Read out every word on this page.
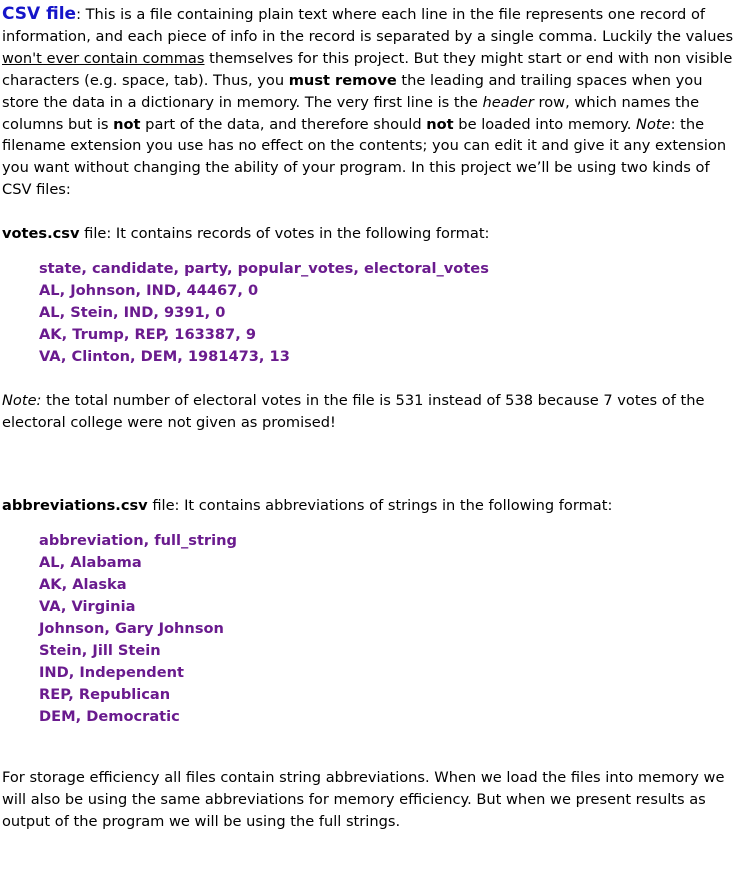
CSV file: This is a file containing plain text where each line in the file represents one record of information, and each piece of info in the record is separated by a single comma. Luckily the values won't ever contain commas themselves for this project. But they might start or end with non visible characters (e.g. space, tab). Thus, you must remove the leading and trailing spaces when you store the data in a dictionary in memory. The very first line is the header row, which names the columns but is not part of the data, and therefore should not be loaded into memory. Note: the filename extension you use has no effect on the contents; you can edit it and give it any extension you want without changing the ability of your program. In this project we’ll be using two kinds of CSV files:

votes.csv file: It contains records of votes in the following format:

state, candidate, party, popular_votes, electoral_votes
AL, Johnson, IND, 44467, 0
AL, Stein, IND, 9391, 0
AK, Trump, REP, 163387, 9
VA, Clinton, DEM, 1981473, 13

Note: the total number of electoral votes in the file is 531 instead of 538 because 7 votes of the electoral college were not given as promised!

abbreviations.csv file: It contains abbreviations of strings in the following format:

abbreviation, full_string
AL, Alabama
AK, Alaska
VA, Virginia
Johnson, Gary Johnson
Stein, Jill Stein
IND, Independent
REP, Republican
DEM, Democratic

For storage efficiency all files contain string abbreviations. When we load the files into memory we will also be using the same abbreviations for memory efficiency. But when we present results as output of the program we will be using the full strings.
